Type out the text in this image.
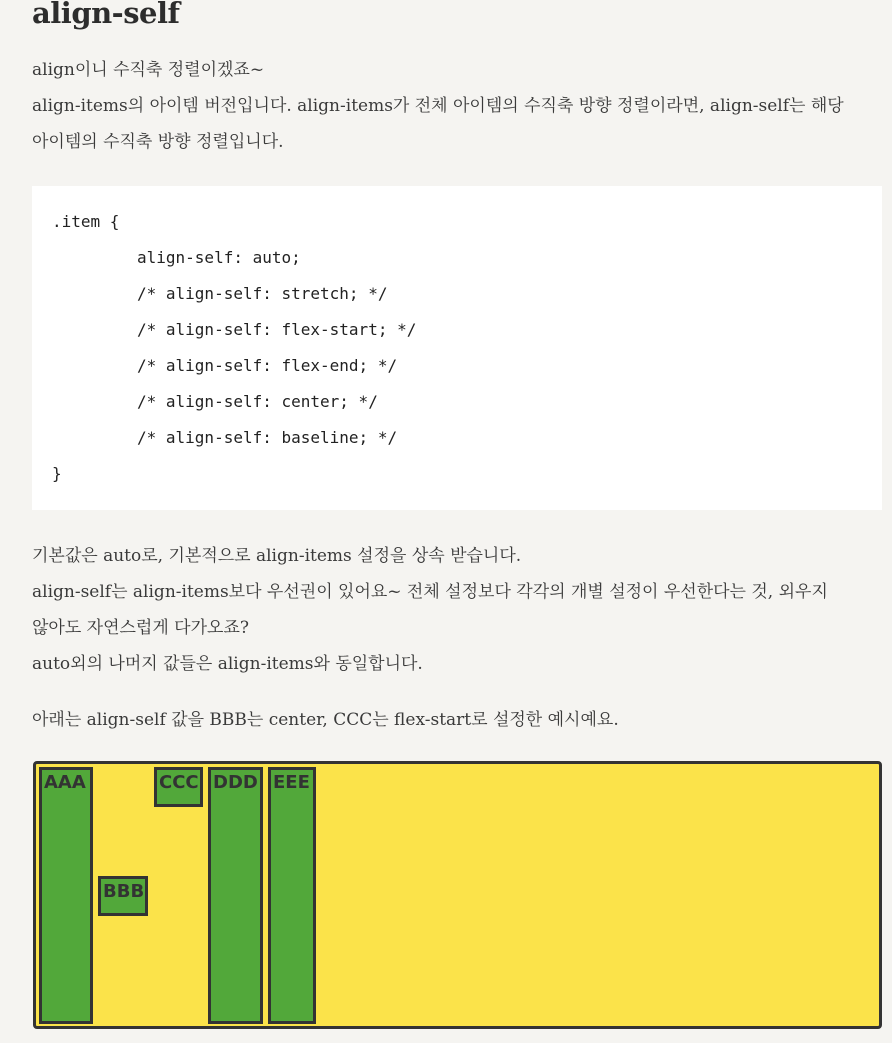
align-self

align이니 수직축 정렬이겠죠~

align-items의 아이템 버전입니다. align-items가 전체 아이템의 수직축 방향 정렬이라면, align-self는 해당

아이템의 수직축 방향 정렬입니다.

.item {
align-self: auto;
/* align-self: stretch; */
/* align-self: flex-start; */
/* align-self: flex-end; */
/* align-self: center; */
/* align-self: baseline; */
}

기본값은 auto로, 기본적으로 align-items 설정을 상속 받습니다.

align-self는 align-items보다 우선권이 있어요~ 전체 설정보다 각각의 개별 설정이 우선한다는 것, 외우지

않아도 자연스럽게 다가오죠?

auto외의 나머지 값들은 align-items와 동일합니다.

아래는 align-self 값을 BBB는 center, CCC는 flex-start로 설정한 예시예요.

AAA
BBB
CCC DDD EEE
